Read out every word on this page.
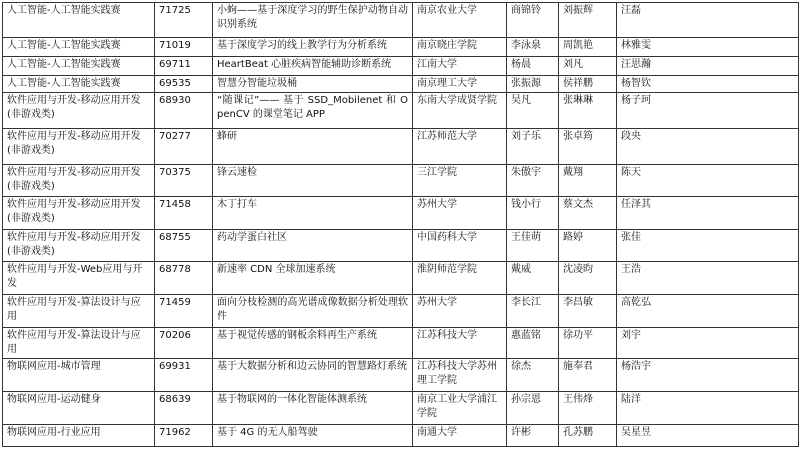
人工智能-人工智能实践赛	71725	小蚼——基于深度学习的野生保护动物自动识别系统	南京农业大学	商锦铃	刘振辉	汪磊
人工智能-人工智能实践赛	71019	基于深度学习的线上教学行为分析系统	南京晓庄学院	李泳泉	周凯艳	林雅雯
人工智能-人工智能实践赛	69711	HeartBeat 心脏疾病智能辅助诊断系统	江南大学	杨晨	刘凡	汪思瀚
人工智能-人工智能实践赛	69535	智慧分智能垃圾桶	南京理工大学	张振源	侯祥鹏	杨智钦
软件应用与开发-移动应用开发(非游戏类)	68930	“随课记”—— 基于 SSD_Mobilenet 和 OpenCV 的课堂笔记 APP	东南大学成贤学院	吴凡	张琳琳	杨子珂
软件应用与开发-移动应用开发(非游戏类)	70277	蜂研	江苏师范大学	刘子乐	张卓筠	段央
软件应用与开发-移动应用开发(非游戏类)	70375	锋云速检	三江学院	朱傲宇	戴翔	陈天
软件应用与开发-移动应用开发(非游戏类)	71458	木丁打车	苏州大学	钱小行	蔡文杰	任泽其
软件应用与开发-移动应用开发(非游戏类)	68755	药动学蛋白社区	中国药科大学	王佳萌	路婷	张佳
软件应用与开发-Web应用与开发	68778	新速率 CDN 全球加速系统	淮阴师范学院	戴威	沈凌昀	王浩
软件应用与开发-算法设计与应用	71459	面向分枝检测的高光谱成像数据分析处理软件	苏州大学	李长江	李昌敏	高乾弘
软件应用与开发-算法设计与应用	70206	基于视觉传感的钢板余料再生产系统	江苏科技大学	惠蓝铭	徐功平	刘宇
物联网应用-城市管理	69931	基于大数据分析和边云协同的智慧路灯系统	江苏科技大学苏州理工学院	徐杰	施奉君	杨浩宇
物联网应用-运动健身	68639	基于物联网的一体化智能体测系统	南京工业大学浦江学院	孙宗恩	王伟烽	陆洋
物联网应用-行业应用	71962	基于 4G 的无人船驾驶	南通大学	许彬	孔苏鹏	吴星昱
